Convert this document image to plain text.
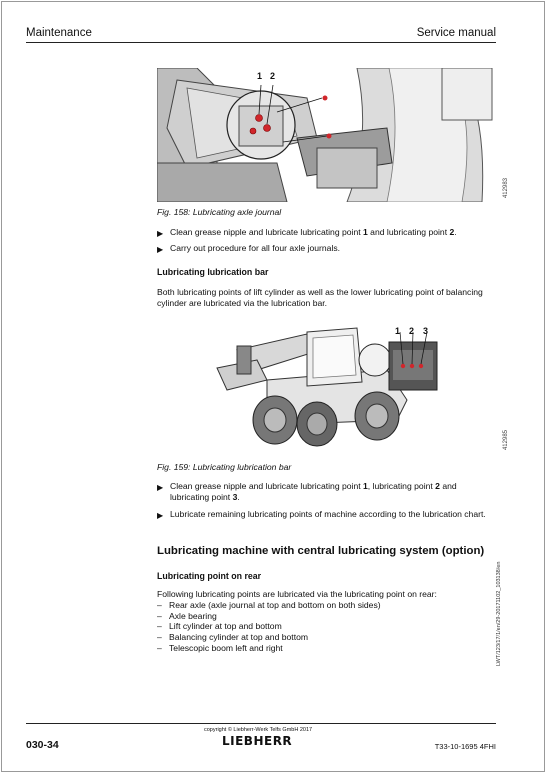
Maintenance	Service manual
1 2
412983
Fig. 158: Lubricating axle journal
▶ Clean grease nipple and lubricate lubricating point 1 and lubricating point 2.
▶ Carry out procedure for all four axle journals.
Lubricating lubrication bar
Both lubricating points of lift cylinder as well as the lower lubricating point of balancing cylinder are lubricated via the lubrication bar.
1 2 3
412985
Fig. 159: Lubricating lubrication bar
▶ Clean grease nipple and lubricate lubricating point 1, lubricating point 2 and lubricating point 3.
▶ Lubricate remaining lubricating points of machine according to the lubrication chart.
Lubricating machine with central lubricating system (option)
Lubricating point on rear
Following lubricating points are lubricated via the lubricating point on rear:
– Rear axle (axle journal at top and bottom on both sides)
– Axle bearing
– Lift cylinder at top and bottom
– Balancing cylinder at top and bottom
– Telescopic boom left and right	LWT/123/17/1/en/29-20171102_103138/en
030-34
copyright © Liebherr-Werk Telfs GmbH 2017
LIEBHERR	T33-10-1695 4FHI
